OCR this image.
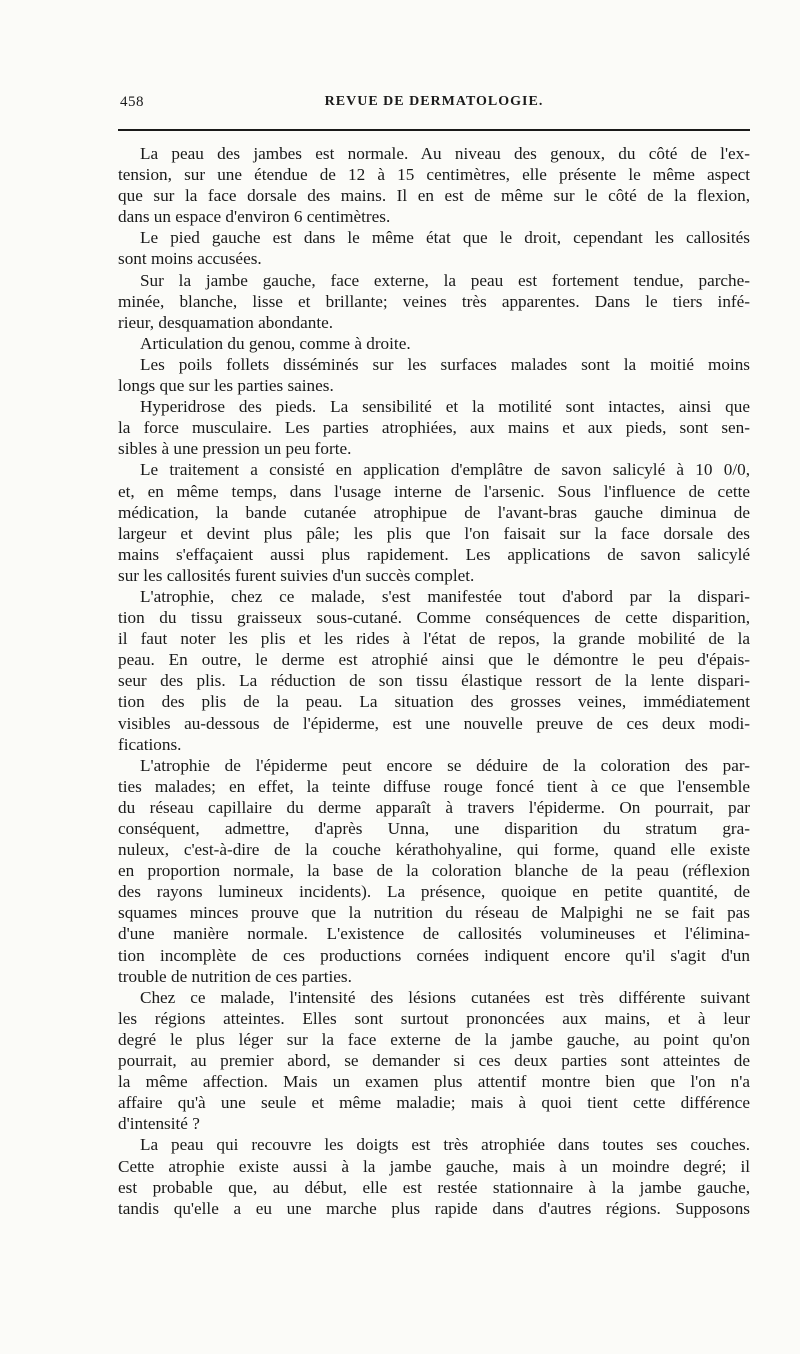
458	REVUE DE DERMATOLOGIE.
La peau des jambes est normale. Au niveau des genoux, du côté de l'ex-
tension, sur une étendue de 12 à 15 centimètres, elle présente le même aspect
que sur la face dorsale des mains. Il en est de même sur le côté de la flexion,
dans un espace d'environ 6 centimètres.
Le pied gauche est dans le même état que le droit, cependant les callosités
sont moins accusées.
Sur la jambe gauche, face externe, la peau est fortement tendue, parche-
minée, blanche, lisse et brillante; veines très apparentes. Dans le tiers infé-
rieur, desquamation abondante.
Articulation du genou, comme à droite.
Les poils follets disséminés sur les surfaces malades sont la moitié moins
longs que sur les parties saines.
Hyperidrose des pieds. La sensibilité et la motilité sont intactes, ainsi que
la force musculaire. Les parties atrophiées, aux mains et aux pieds, sont sen-
sibles à une pression un peu forte.
Le traitement a consisté en application d'emplâtre de savon salicylé à 10 0/0,
et, en même temps, dans l'usage interne de l'arsenic. Sous l'influence de cette
médication, la bande cutanée atrophipue de l'avant-bras gauche diminua de
largeur et devint plus pâle; les plis que l'on faisait sur la face dorsale des
mains s'effaçaient aussi plus rapidement. Les applications de savon salicylé
sur les callosités furent suivies d'un succès complet.
L'atrophie, chez ce malade, s'est manifestée tout d'abord par la dispari-
tion du tissu graisseux sous-cutané. Comme conséquences de cette disparition,
il faut noter les plis et les rides à l'état de repos, la grande mobilité de la
peau. En outre, le derme est atrophié ainsi que le démontre le peu d'épais-
seur des plis. La réduction de son tissu élastique ressort de la lente dispari-
tion des plis de la peau. La situation des grosses veines, immédiatement
visibles au-dessous de l'épiderme, est une nouvelle preuve de ces deux modi-
fications.
L'atrophie de l'épiderme peut encore se déduire de la coloration des par-
ties malades; en effet, la teinte diffuse rouge foncé tient à ce que l'ensemble
du réseau capillaire du derme apparaît à travers l'épiderme. On pourrait, par
conséquent, admettre, d'après Unna, une disparition du stratum gra-
nuleux, c'est-à-dire de la couche kérathohyaline, qui forme, quand elle existe
en proportion normale, la base de la coloration blanche de la peau (réflexion
des rayons lumineux incidents). La présence, quoique en petite quantité, de
squames minces prouve que la nutrition du réseau de Malpighi ne se fait pas
d'une manière normale. L'existence de callosités volumineuses et l'élimina-
tion incomplète de ces productions cornées indiquent encore qu'il s'agit d'un
trouble de nutrition de ces parties.
Chez ce malade, l'intensité des lésions cutanées est très différente suivant
les régions atteintes. Elles sont surtout prononcées aux mains, et à leur
degré le plus léger sur la face externe de la jambe gauche, au point qu'on
pourrait, au premier abord, se demander si ces deux parties sont atteintes de
la même affection. Mais un examen plus attentif montre bien que l'on n'a
affaire qu'à une seule et même maladie; mais à quoi tient cette différence
d'intensité ?
La peau qui recouvre les doigts est très atrophiée dans toutes ses couches.
Cette atrophie existe aussi à la jambe gauche, mais à un moindre degré; il
est probable que, au début, elle est restée stationnaire à la jambe gauche,
tandis qu'elle a eu une marche plus rapide dans d'autres régions. Supposons
